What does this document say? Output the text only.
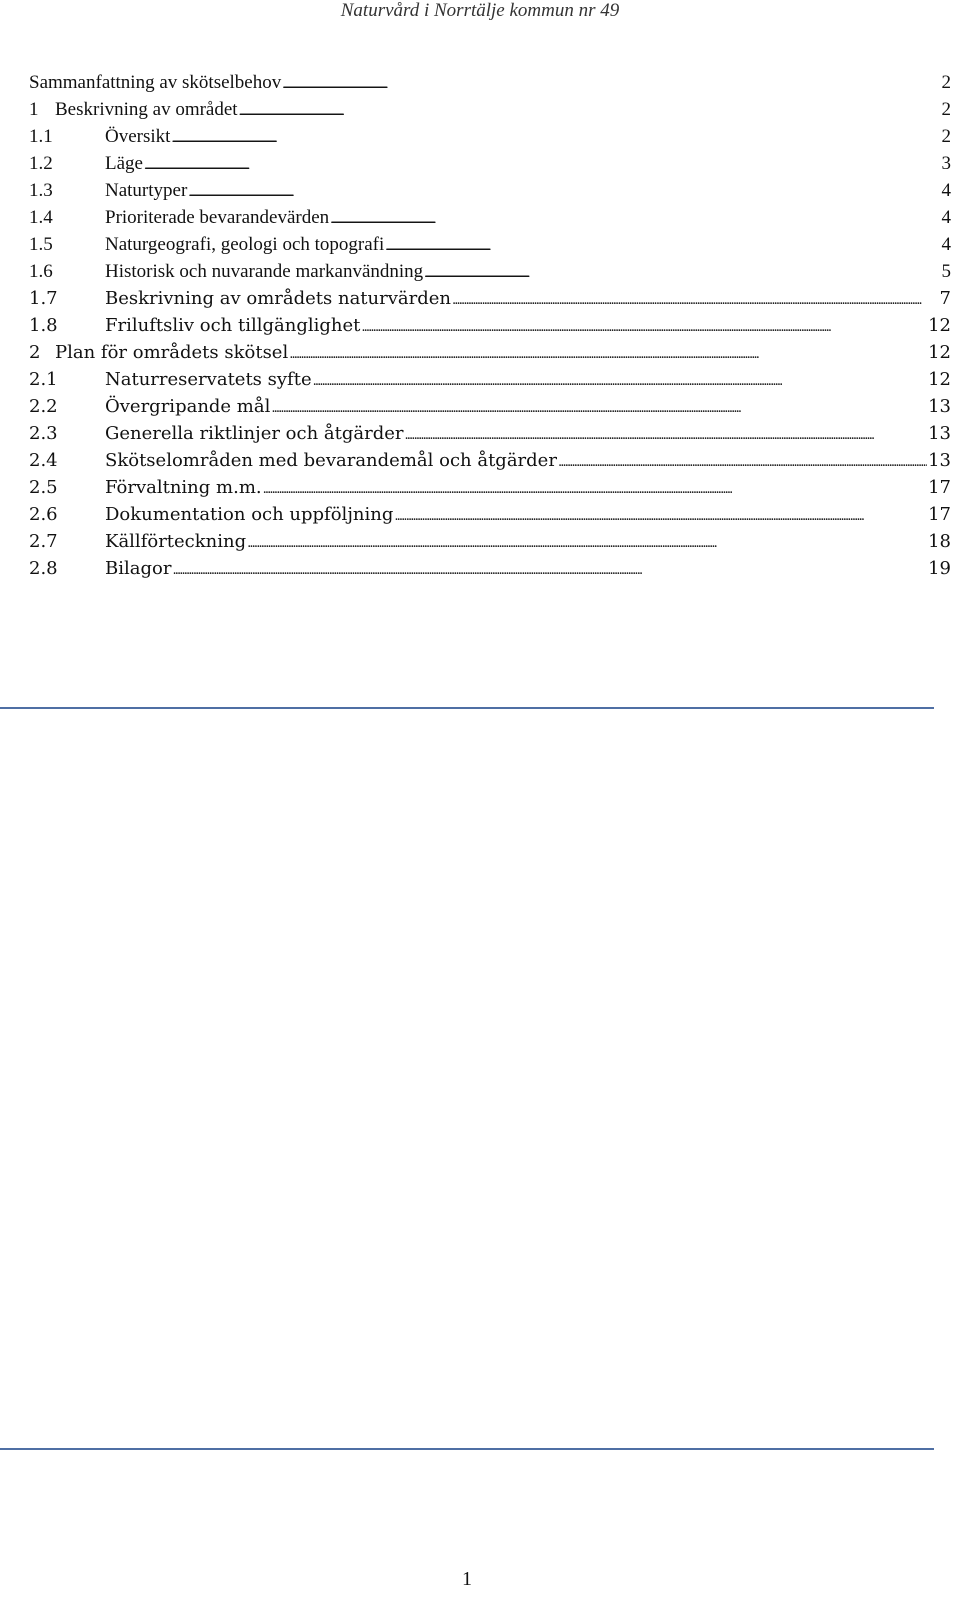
Naturvård i Norrtälje kommun nr 49
Sammanfattning av skötselbehov . . .	2
1 Beskrivning av området . . .	2
1.1	Översikt . . .	2
1.2	Läge . . .	3
1.3	Naturtyper . . .	4
1.4	Prioriterade bevarandevärden . . .	4
1.5	Naturgeografi, geologi och topografi . . .	4
1.6	Historisk och nuvarande markanvändning . . .	5
1.7	Beskrivning av områdets naturvärden . . .	7
1.8	Friluftsliv och tillgänglighet . . .	12
2 Plan för områdets skötsel . . .	12
2.1	Naturreservatets syfte . . .	12
2.2	Övergripande mål . . .	13
2.3	Generella riktlinjer och åtgärder . . .	13
2.4	Skötselområden med bevarandemål och åtgärder . . .	13
2.5	Förvaltning m.m. . . .	17
2.6	Dokumentation och uppföljning . . .	17
2.7	Källförteckning . . .	18
2.8	Bilagor . . .	19
1
